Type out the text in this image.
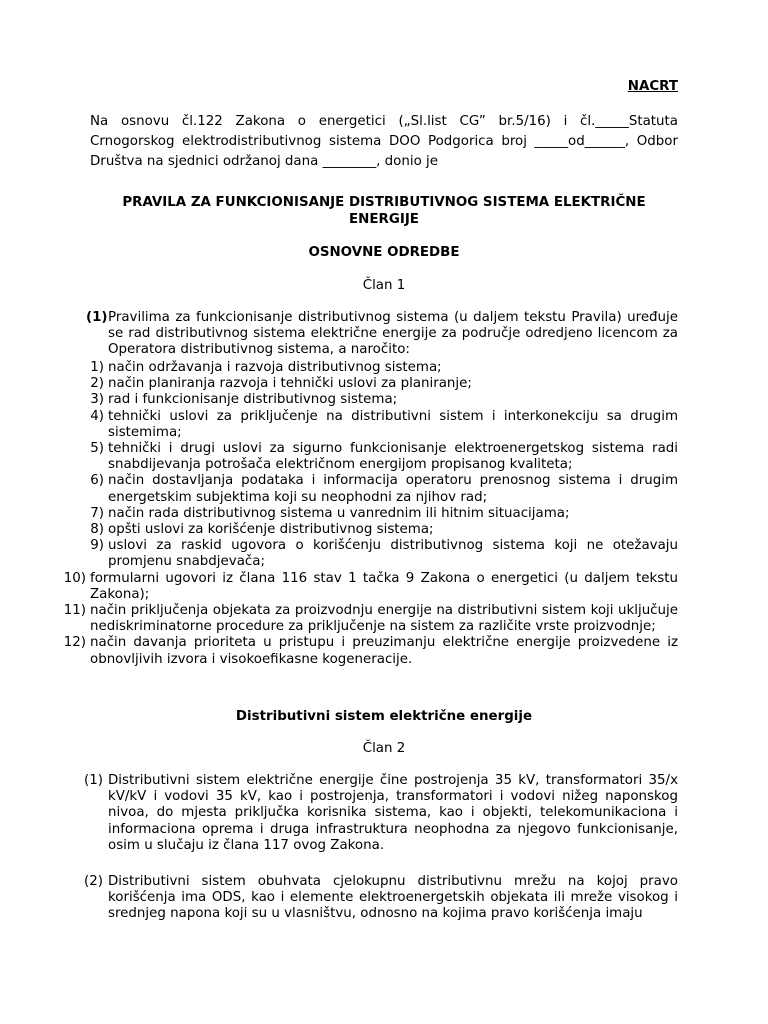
NACRT
Na osnovu čl.122 Zakona o energetici („Sl.list CG” br.5/16) i čl._____Statuta Crnogorskog elektrodistributivnog sistema DOO Podgorica broj _____od______, Odbor Društva na sjednici održanoj dana ________, donio je
PRAVILA ZA FUNKCIONISANJE DISTRIBUTIVNOG SISTEMA ELEKTRIČNE ENERGIJE
OSNOVNE ODREDBE
Član 1
(1) Pravilima za funkcionisanje distributivnog sistema (u daljem tekstu Pravila) uređuje se rad distributivnog sistema električne energije za područje odredjeno licencom za Operatora distributivnog sistema, a naročito:
1) način održavanja i razvoja distributivnog sistema;
2) način planiranja razvoja i tehnički uslovi za planiranje;
3) rad i funkcionisanje distributivnog sistema;
4) tehnički uslovi za priključenje na distributivni sistem i interkonekciju sa drugim sistemima;
5) tehnički i drugi uslovi za sigurno funkcionisanje elektroenergetskog sistema radi snabdijevanja potrošača električnom energijom propisanog kvaliteta;
6) način dostavljanja podataka i informacija operatoru prenosnog sistema i drugim energetskim subjektima koji su neophodni za njihov rad;
7) način rada distributivnog sistema u vanrednim ili hitnim situacijama;
8) opšti uslovi za korišćenje distributivnog sistema;
9) uslovi za raskid ugovora o korišćenju distributivnog sistema koji ne otežavaju promjenu snabdjevača;
10) formularni ugovori iz člana 116 stav 1 tačka 9 Zakona o energetici (u daljem tekstu Zakona);
11) način priključenja objekata za proizvodnju energije na distributivni sistem koji uključuje nediskriminatorne procedure za priključenje na sistem za različite vrste proizvodnje;
12) način davanja prioriteta u pristupu i preuzimanju električne energije proizvedene iz obnovljivih izvora i visokoefikasne kogeneracije.
Distributivni sistem električne energije
Član 2
(1) Distributivni sistem električne energije čine postrojenja 35 kV, transformatori 35/x kV/kV i vodovi 35 kV, kao i postrojenja, transformatori i vodovi nižeg naponskog nivoa, do mjesta priključka korisnika sistema, kao i objekti, telekomunikaciona i informaciona oprema i druga infrastruktura neophodna za njegovo funkcionisanje, osim u slučaju iz člana 117 ovog Zakona.
(2) Distributivni sistem obuhvata cjelokupnu distributivnu mrežu na kojoj pravo korišćenja ima ODS, kao i elemente elektroenergetskih objekata ili mreže visokog i srednjeg napona koji su u vlasništvu, odnosno na kojima pravo korišćenja imaju
